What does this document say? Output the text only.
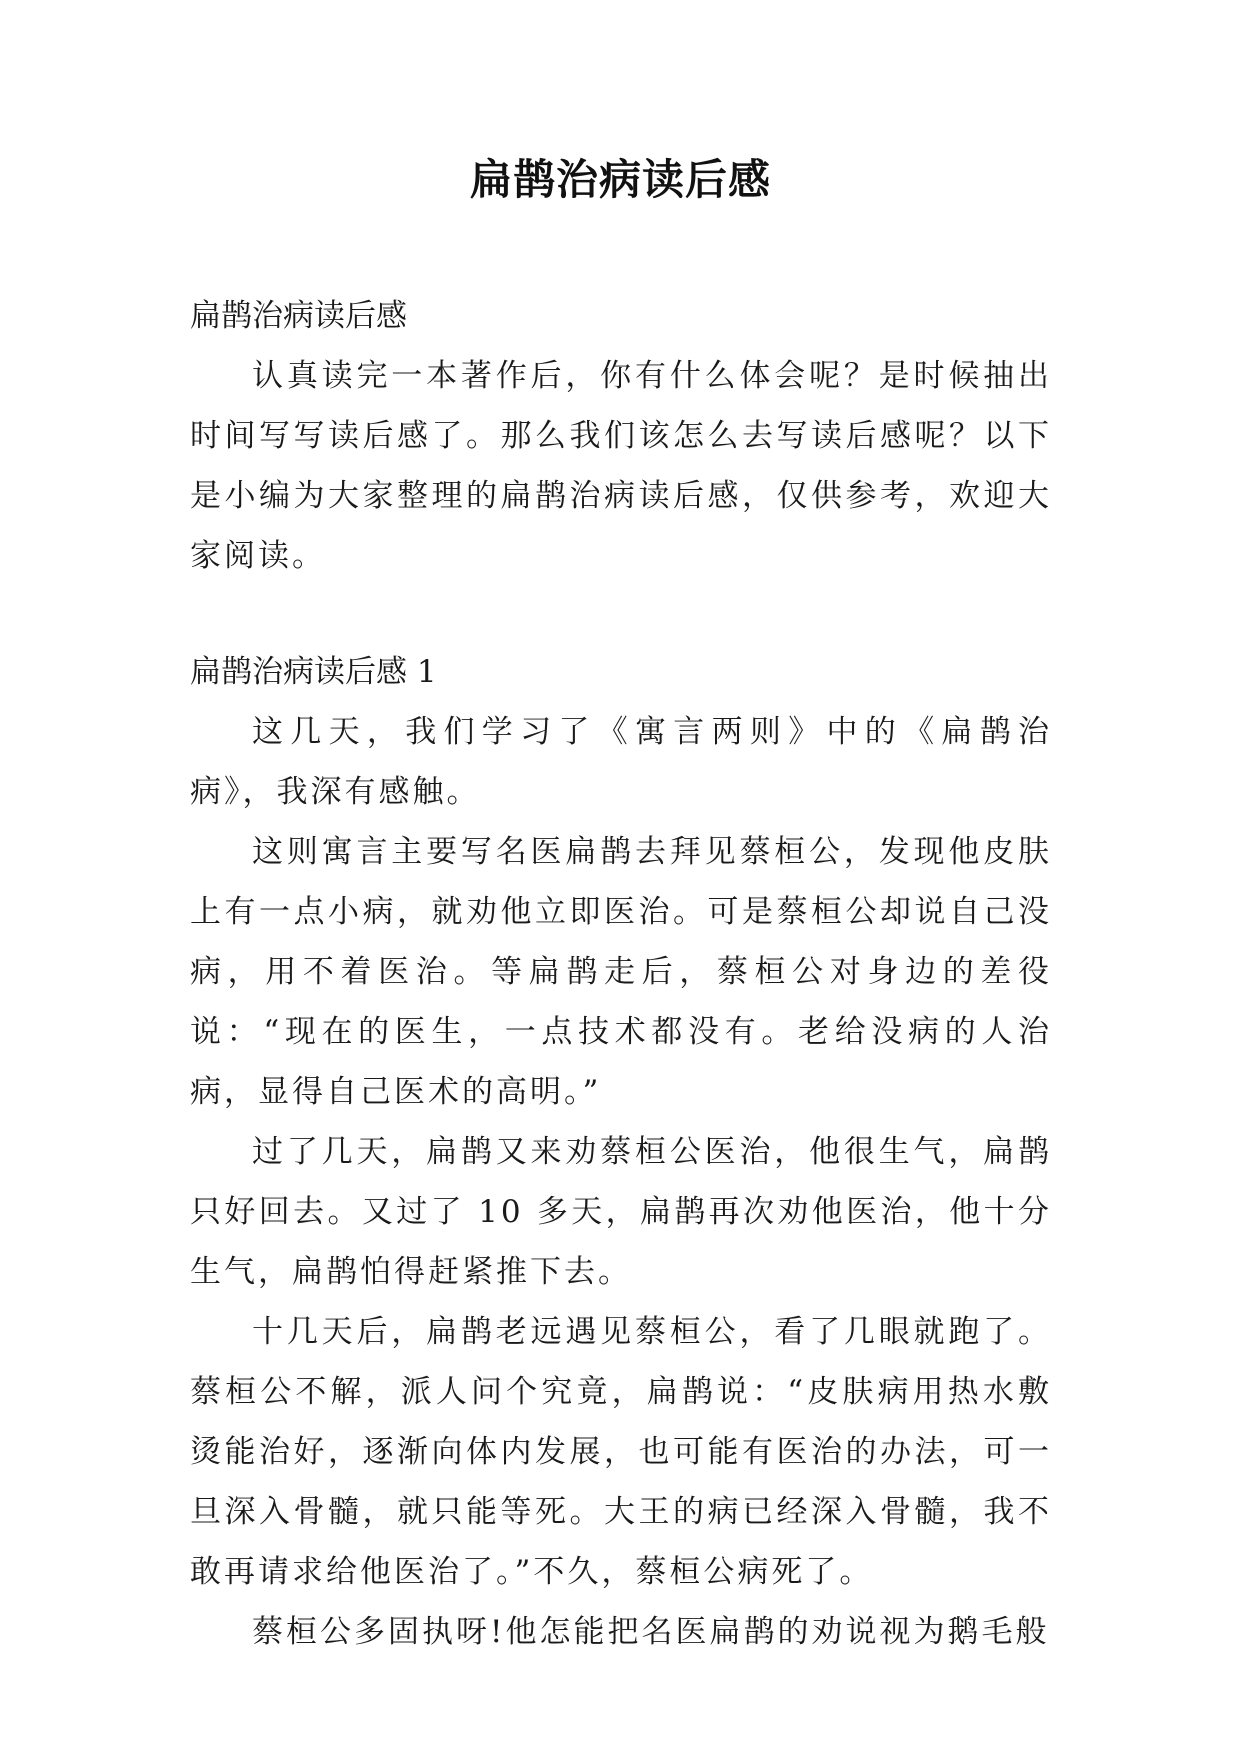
扁鹊治病读后感

扁鹊治病读后感

认真读完一本著作后，你有什么体会呢？是时候抽出时间写写读后感了。那么我们该怎么去写读后感呢？以下是小编为大家整理的扁鹊治病读后感，仅供参考，欢迎大家阅读。

扁鹊治病读后感 1

这几天，我们学习了《寓言两则》中的《扁鹊治病》，我深有感触。

这则寓言主要写名医扁鹊去拜见蔡桓公，发现他皮肤上有一点小病，就劝他立即医治。可是蔡桓公却说自己没病，用不着医治。等扁鹊走后，蔡桓公对身边的差役说：“现在的医生，一点技术都没有。老给没病的人治病，显得自己医术的高明。”

过了几天，扁鹊又来劝蔡桓公医治，他很生气，扁鹊只好回去。又过了 10 多天，扁鹊再次劝他医治，他十分生气，扁鹊怕得赶紧推下去。

十几天后，扁鹊老远遇见蔡桓公，看了几眼就跑了。蔡桓公不解，派人问个究竟，扁鹊说：“皮肤病用热水敷烫能治好，逐渐向体内发展，也可能有医治的办法，可一旦深入骨髓，就只能等死。大王的病已经深入骨髓，我不敢再请求给他医治了。”不久，蔡桓公病死了。

蔡桓公多固执呀!他怎能把名医扁鹊的劝说视为鹅毛般
